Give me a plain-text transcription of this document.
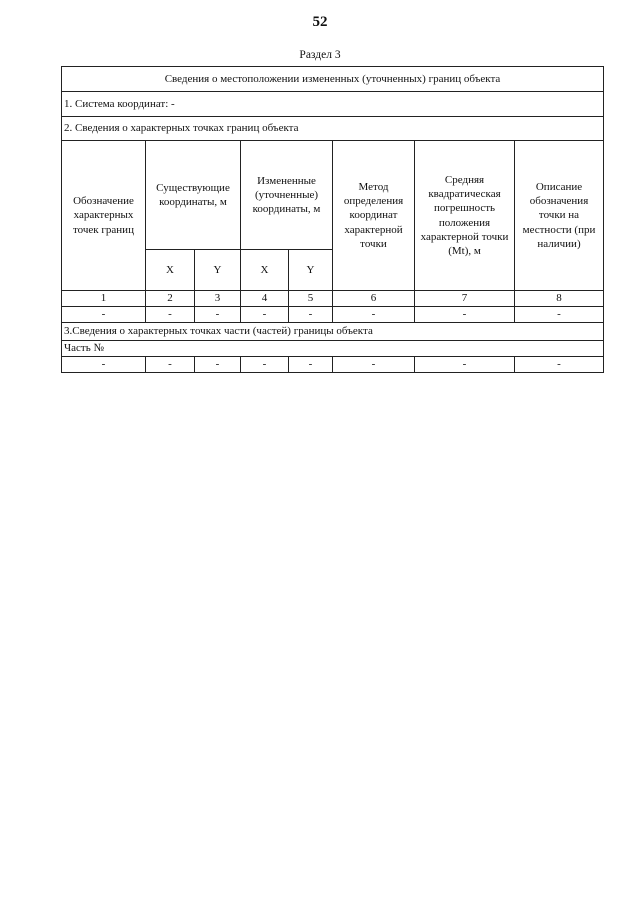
52
Раздел 3
Сведения о местоположении измененных (уточненных) границ объекта							
1. Система координат: -							
2. Сведения о характерных точках границ объекта							
Обозначение характерных точек границ	Существующие координаты, м		Измененные (уточненные) координаты, м		Метод определения координат характерной точки	Средняя квадратическая погрешность положения характерной точки (Mt), м	Описание обозначения точки на местности (при наличии)
	X	Y	X	Y			
1	2	3	4	5	6	7	8
-	-	-	-	-	-	-	-
3.Сведения о характерных точках части (частей) границы объекта							
Часть №							
-	-	-	-	-	-	-	-
